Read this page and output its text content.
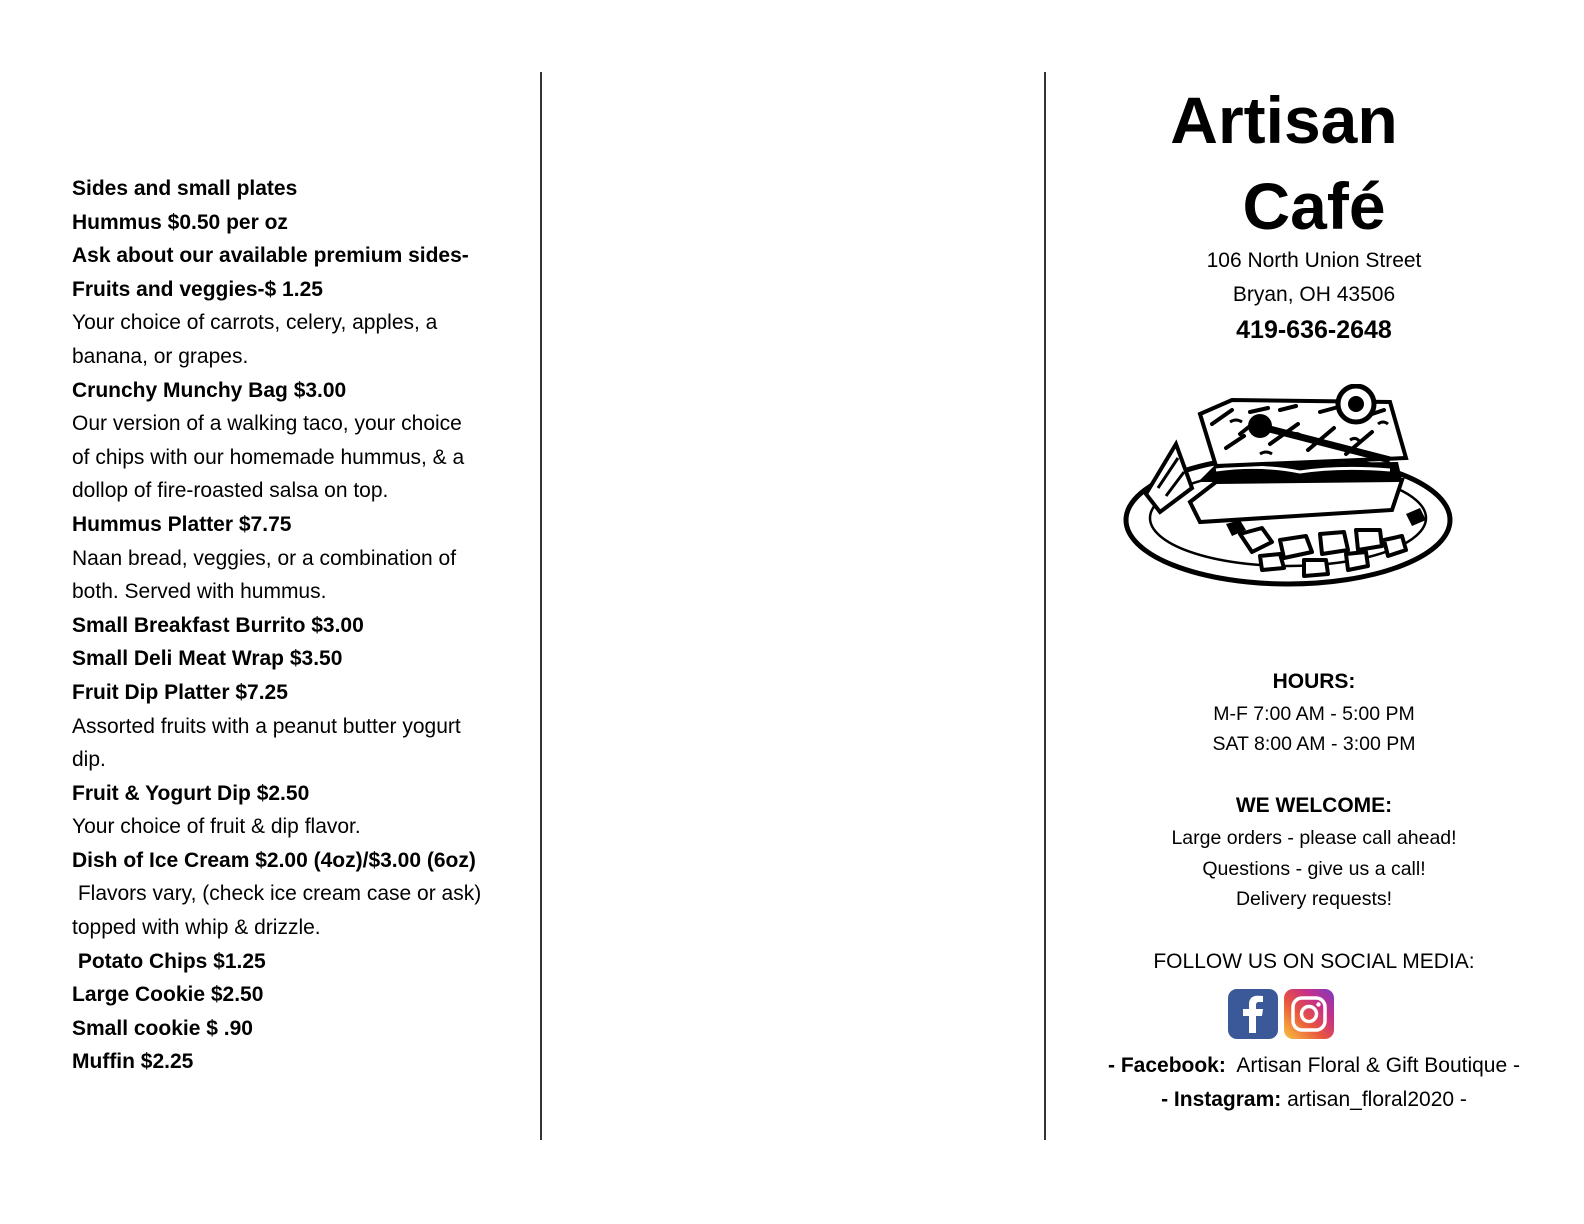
Sides and small plates
Hummus $0.50 per oz
Ask about our available premium sides-
Fruits and veggies-$ 1.25
Your choice of carrots, celery, apples, a
banana, or grapes.
Crunchy Munchy Bag $3.00
Our version of a walking taco, your choice
of chips with our homemade hummus, & a
dollop of fire-roasted salsa on top.
Hummus Platter $7.75
Naan bread, veggies, or a combination of
both. Served with hummus.
Small Breakfast Burrito $3.00
Small Deli Meat Wrap $3.50
Fruit Dip Platter $7.25
Assorted fruits with a peanut butter yogurt
dip.
Fruit & Yogurt Dip $2.50
Your choice of fruit & dip flavor.
Dish of Ice Cream $2.00 (4oz)/$3.00 (6oz)
Flavors vary, (check ice cream case or ask)
topped with whip & drizzle.
Potato Chips $1.25
Large Cookie $2.50
Small cookie $ .90
Muffin $2.25
Artisan
Café
106 North Union Street
Bryan, OH 43506
419-636-2648
HOURS:
M-F 7:00 AM - 5:00 PM
SAT 8:00 AM - 3:00 PM
WE WELCOME:
Large orders - please call ahead!
Questions - give us a call!
Delivery requests!
FOLLOW US ON SOCIAL MEDIA:
- Facebook:  Artisan Floral & Gift Boutique -
- Instagram: artisan_floral2020 -
